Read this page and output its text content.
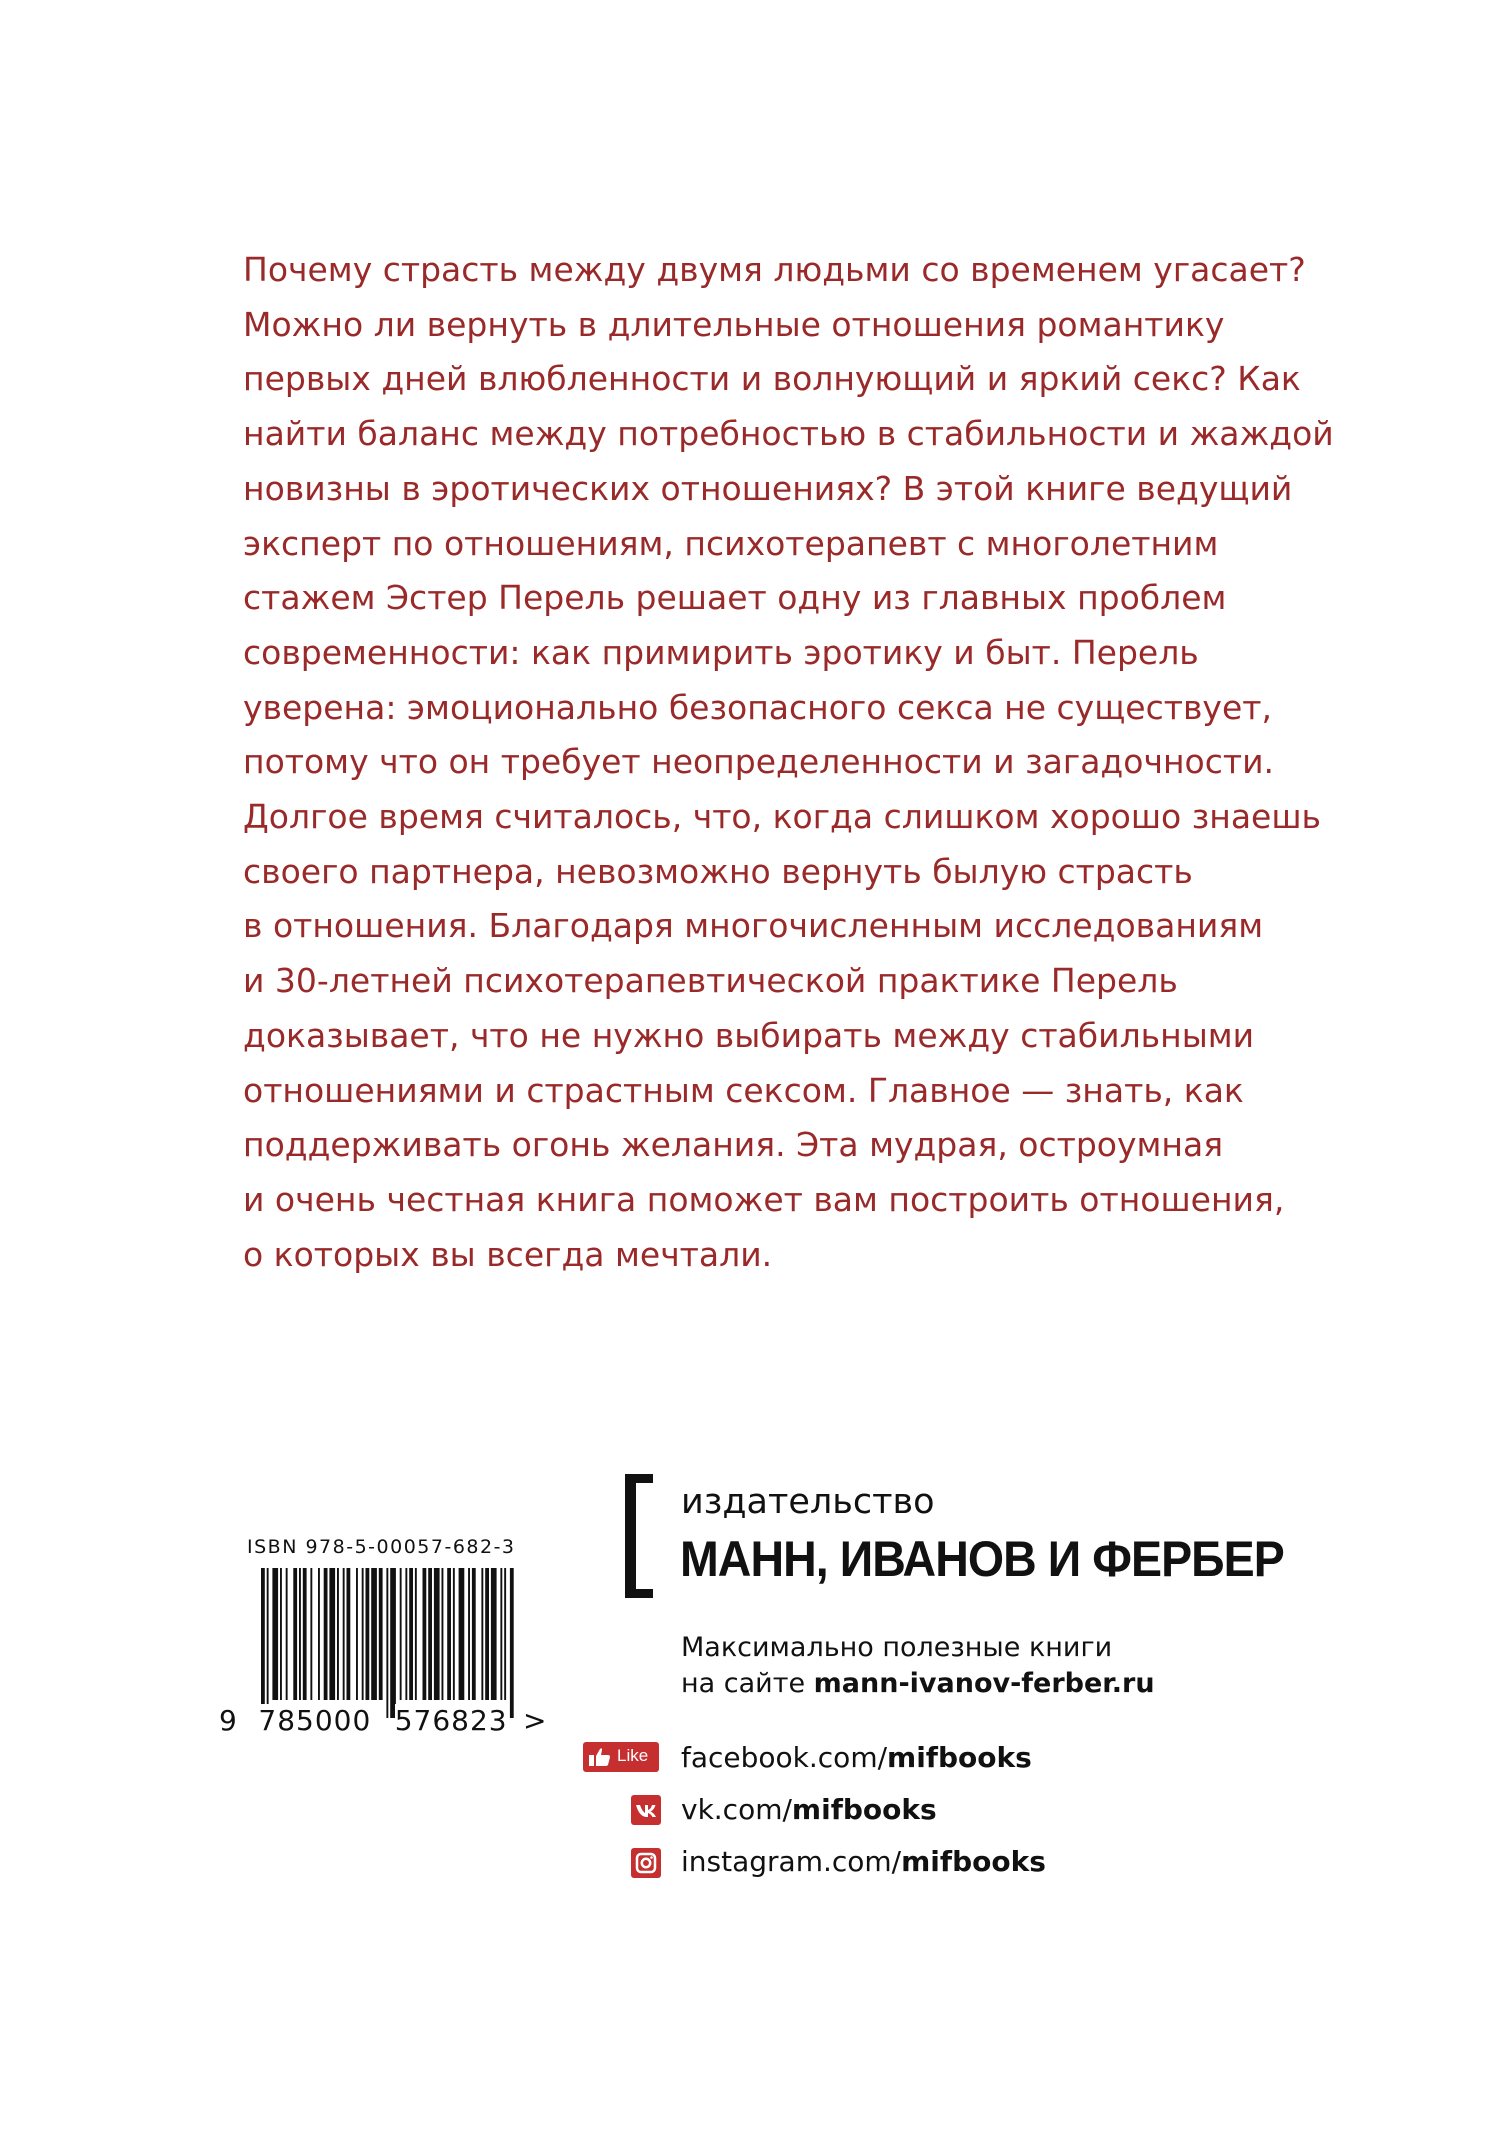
Почему страсть между двумя людьми со временем угасает?
Можно ли вернуть в длительные отношения романтику
первых дней влюбленности и волнующий и яркий секс? Как
найти баланс между потребностью в стабильности и жаждой
новизны в эротических отношениях? В этой книге ведущий
эксперт по отношениям, психотерапевт с многолетним
стажем Эстер Перель решает одну из главных проблем
современности: как примирить эротику и быт. Перель
уверена: эмоционально безопасного секса не существует,
потому что он требует неопределенности и загадочности.
Долгое время считалось, что, когда слишком хорошо знаешь
своего партнера, невозможно вернуть былую страсть
в отношения. Благодаря многочисленным исследованиям
и 30-летней психотерапевтической практике Перель
доказывает, что не нужно выбирать между стабильными
отношениями и страстным сексом. Главное — знать, как
поддерживать огонь желания. Эта мудрая, остроумная
и очень честная книга поможет вам построить отношения,
о которых вы всегда мечтали.
ISBN 978-5-00057-682-3
9 785000 576823 >
издательство
МАНН, ИВАНОВ И ФЕРБЕР
Максимально полезные книги
на сайте mann-ivanov-ferber.ru
Like facebook.com/mifbooks
vk.com/mifbooks
instagram.com/mifbooks
